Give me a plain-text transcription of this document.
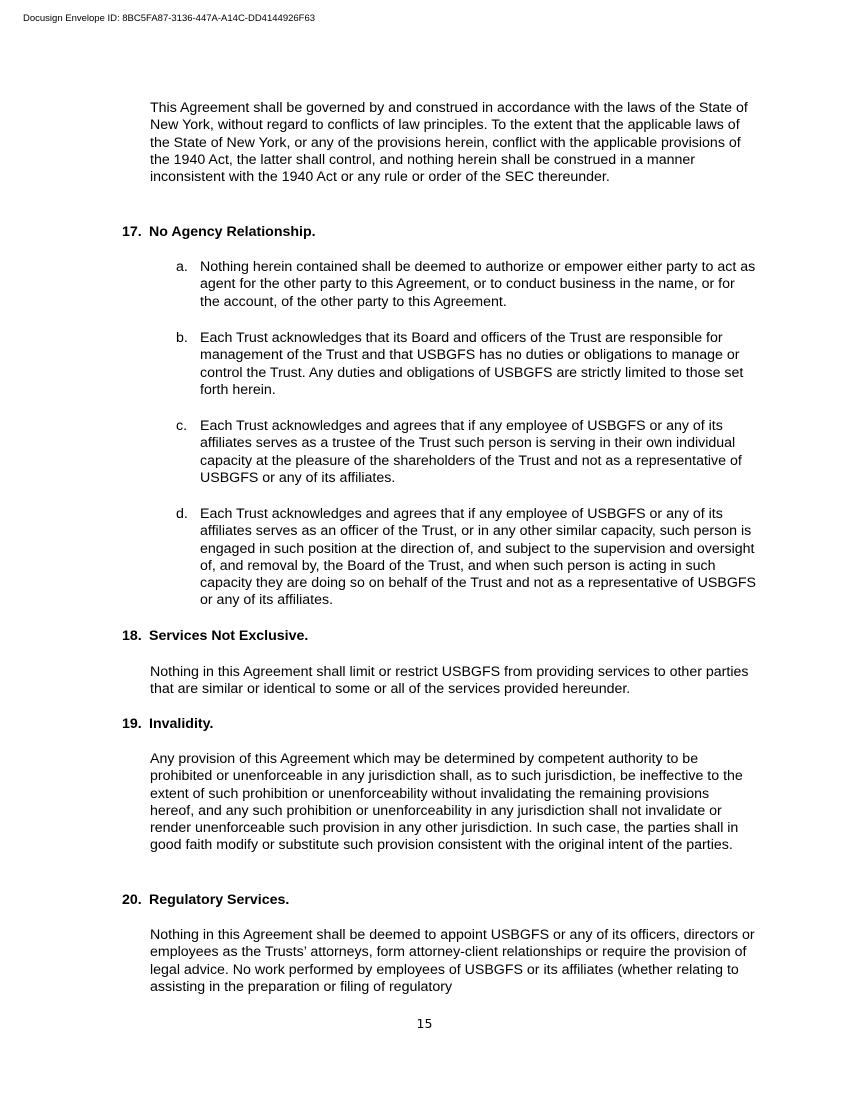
Docusign Envelope ID: 8BC5FA87-3136-447A-A14C-DD4144926F63

This Agreement shall be governed by and construed in accordance with the laws of the State of New York, without regard to conflicts of law principles. To the extent that the applicable laws of the State of New York, or any of the provisions herein, conflict with the applicable provisions of the 1940 Act, the latter shall control, and nothing herein shall be construed in a manner inconsistent with the 1940 Act or any rule or order of the SEC thereunder.

17. No Agency Relationship.

a. Nothing herein contained shall be deemed to authorize or empower either party to act as agent for the other party to this Agreement, or to conduct business in the name, or for the account, of the other party to this Agreement.
b. Each Trust acknowledges that its Board and officers of the Trust are responsible for management of the Trust and that USBGFS has no duties or obligations to manage or control the Trust. Any duties and obligations of USBGFS are strictly limited to those set forth herein.
c. Each Trust acknowledges and agrees that if any employee of USBGFS or any of its affiliates serves as a trustee of the Trust such person is serving in their own individual capacity at the pleasure of the shareholders of the Trust and not as a representative of USBGFS or any of its affiliates.
d. Each Trust acknowledges and agrees that if any employee of USBGFS or any of its affiliates serves as an officer of the Trust, or in any other similar capacity, such person is engaged in such position at the direction of, and subject to the supervision and oversight of, and removal by, the Board of the Trust, and when such person is acting in such capacity they are doing so on behalf of the Trust and not as a representative of USBGFS or any of its affiliates.

18. Services Not Exclusive.

Nothing in this Agreement shall limit or restrict USBGFS from providing services to other parties that are similar or identical to some or all of the services provided hereunder.

19. Invalidity.

Any provision of this Agreement which may be determined by competent authority to be prohibited or unenforceable in any jurisdiction shall, as to such jurisdiction, be ineffective to the extent of such prohibition or unenforceability without invalidating the remaining provisions hereof, and any such prohibition or unenforceability in any jurisdiction shall not invalidate or render unenforceable such provision in any other jurisdiction. In such case, the parties shall in good faith modify or substitute such provision consistent with the original intent of the parties.

20. Regulatory Services.

Nothing in this Agreement shall be deemed to appoint USBGFS or any of its officers, directors or employees as the Trusts’ attorneys, form attorney-client relationships or require the provision of legal advice. No work performed by employees of USBGFS or its affiliates (whether relating to assisting in the preparation or filing of regulatory

15
